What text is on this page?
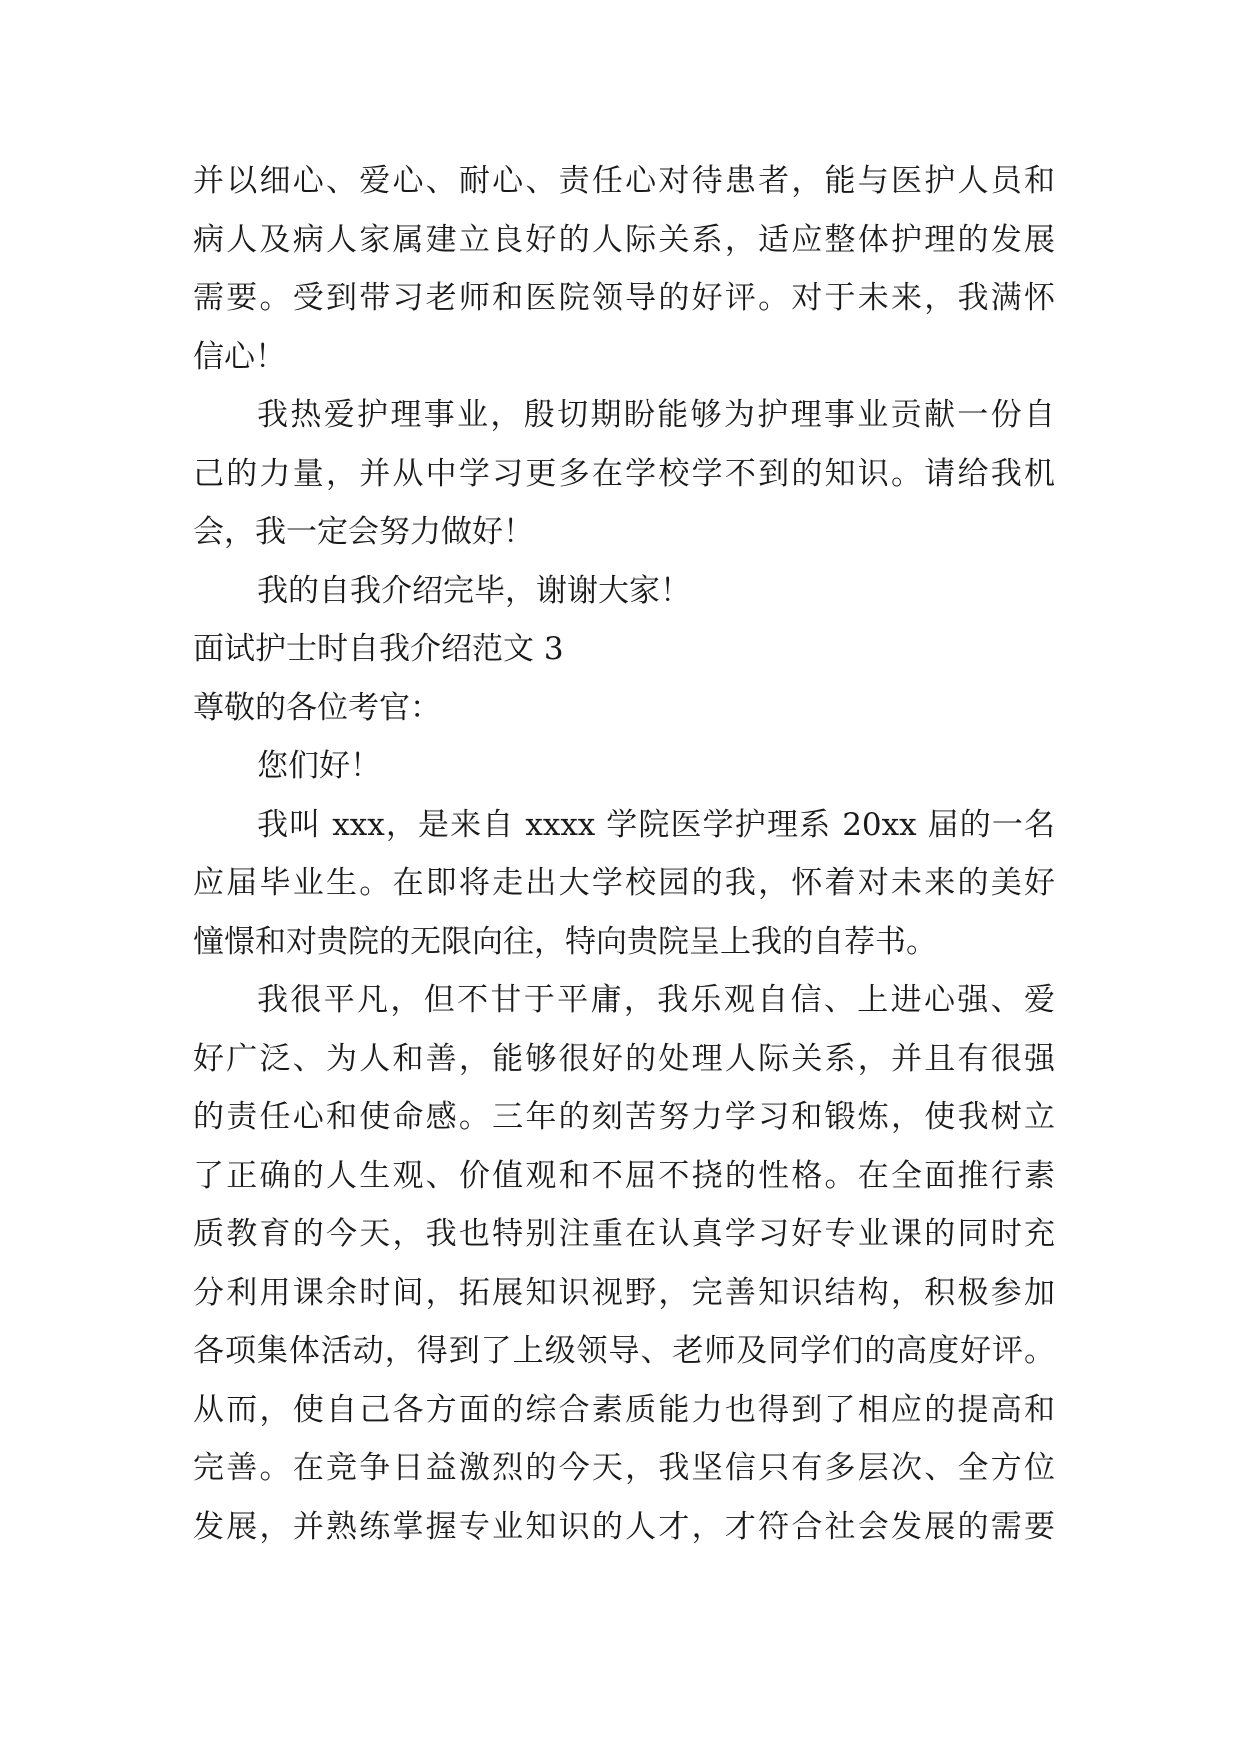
并以细心、爱心、耐心、责任心对待患者，能与医护人员和
病人及病人家属建立良好的人际关系，适应整体护理的发展
需要。受到带习老师和医院领导的好评。对于未来，我满怀
信心！
我热爱护理事业，殷切期盼能够为护理事业贡献一份自
己的力量，并从中学习更多在学校学不到的知识。请给我机
会，我一定会努力做好！
我的自我介绍完毕，谢谢大家！
面试护士时自我介绍范文 3
尊敬的各位考官：
您们好！
我叫 xxx，是来自 xxxx 学院医学护理系 20xx 届的一名
应届毕业生。在即将走出大学校园的我，怀着对未来的美好
憧憬和对贵院的无限向往，特向贵院呈上我的自荐书。
我很平凡，但不甘于平庸，我乐观自信、上进心强、爱
好广泛、为人和善，能够很好的处理人际关系，并且有很强
的责任心和使命感。三年的刻苦努力学习和锻炼，使我树立
了正确的人生观、价值观和不屈不挠的性格。在全面推行素
质教育的今天，我也特别注重在认真学习好专业课的同时充
分利用课余时间，拓展知识视野，完善知识结构，积极参加
各项集体活动，得到了上级领导、老师及同学们的高度好评。
从而，使自己各方面的综合素质能力也得到了相应的提高和
完善。在竞争日益激烈的今天，我坚信只有多层次、全方位
发展，并熟练掌握专业知识的人才，才符合社会发展的需要
